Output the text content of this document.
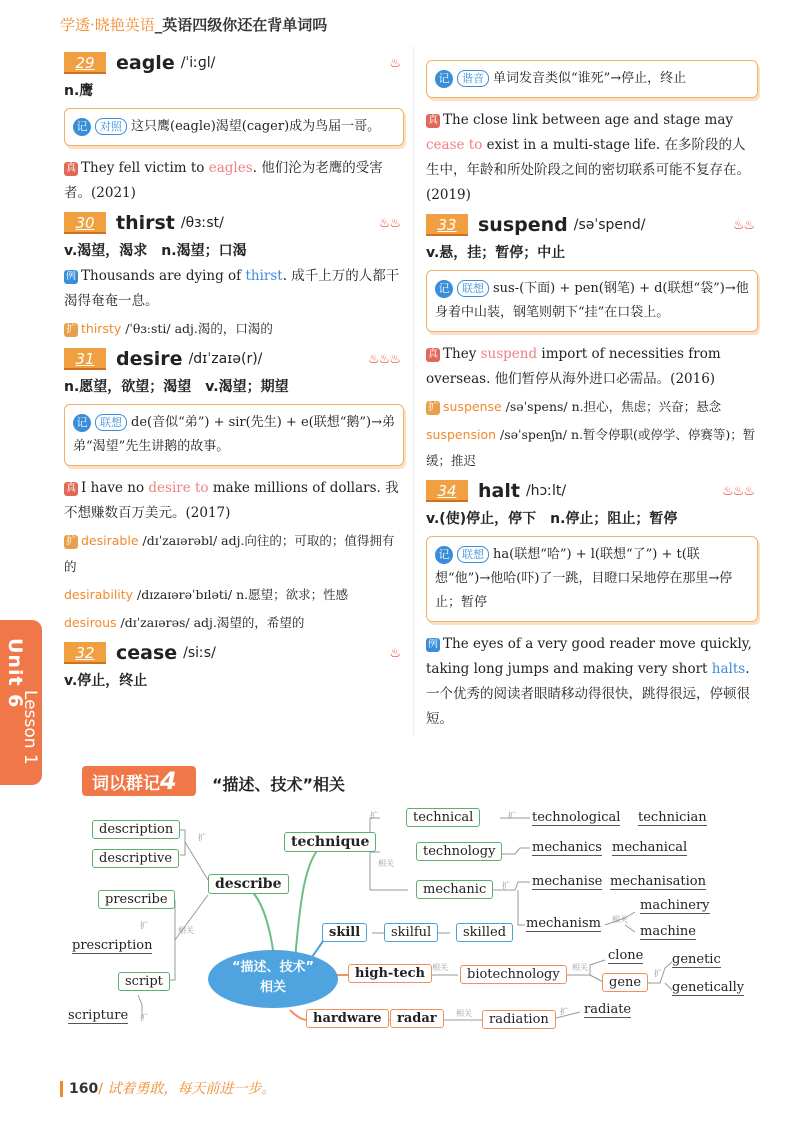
学透·晓艳英语_英语四级你还在背单词吗
29	eagle /ˈiːɡl/	♨
n.鹰
记 对照 这只鹰(eagle)渴望(cager)成为鸟届一哥。
真 They fell victim to eagles. 他们沦为老鹰的受害者。(2021)
30	thirst /θɜːst/	♨♨
v.渴望，渴求　n.渴望；口渴
例 Thousands are dying of thirst. 成千上万的人都干渴得奄奄一息。
扩 thirsty /ˈθɜːsti/ adj.渴的，口渴的
31	desire /dɪˈzaɪə(r)/	♨♨♨
n.愿望，欲望；渴望　v.渴望；期望
记 联想 de(音似“弟”) + sir(先生) + e(联想“鹅”)→弟弟“渴望”先生讲鹅的故事。
真 I have no desire to make millions of dollars. 我不想赚数百万美元。(2017)
扩 desirable /dɪˈzaɪərəbl/ adj.向往的；可取的；值得拥有的
desirability /dɪzaɪərəˈbɪləti/ n.愿望；欲求；性感
desirous /dɪˈzaɪərəs/ adj.渴望的，希望的
32	cease /siːs/	♨
v.停止，终止
记 谐音 单词发音类似“谁死”→停止，终止
真 The close link between age and stage may cease to exist in a multi-stage life. 在多阶段的人生中，年龄和所处阶段之间的密切联系可能不复存在。(2019)
33	suspend /səˈspend/	♨♨
v.悬，挂；暂停；中止
记 联想 sus-(下面) + pen(钢笔) + d(联想“袋”)→他身着中山装，钢笔则朝下“挂”在口袋上。
真 They suspend import of necessities from overseas. 他们暂停从海外进口必需品。(2016)
扩 suspense /səˈspens/ n.担心，焦虑；兴奋；悬念
suspension /səˈspenʃn/ n.暂令停职(或停学、停赛等)；暂缓；推迟
34	halt /hɔːlt/	♨♨♨
v.(使)停止，停下　n.停止；阻止；暂停
记 联想 ha(联想“哈”) + l(联想“了”) + t(联想“他”)→他哈(吓)了一跳，目瞪口呆地停在那里→停止；暂停
例 The eyes of a very good reader move quickly, taking long jumps and making very short halts. 一个优秀的阅读者眼睛移动得很快，跳得很远，停顿很短。
Unit 6
Lesson 1
词以群记4	“描述、技术”相关
description
descriptive
describe
prescribe
prescription
script
scripture
technique
technical	technological technician
technology	mechanics mechanical
mechanic
mechanise mechanisation
machinery
mechanism
machine
skill	skilful	skilled
“描述、技术”
相关
high-tech	biotechnology
clone
gene
genetic
genetically
hardware	radar	radiation
radiate
扩
相关
扩
扩
扩
相关
扩
扩
相关
相关	相关
扩
相关	扩
160/ 试着勇敢，每天前进一步。
